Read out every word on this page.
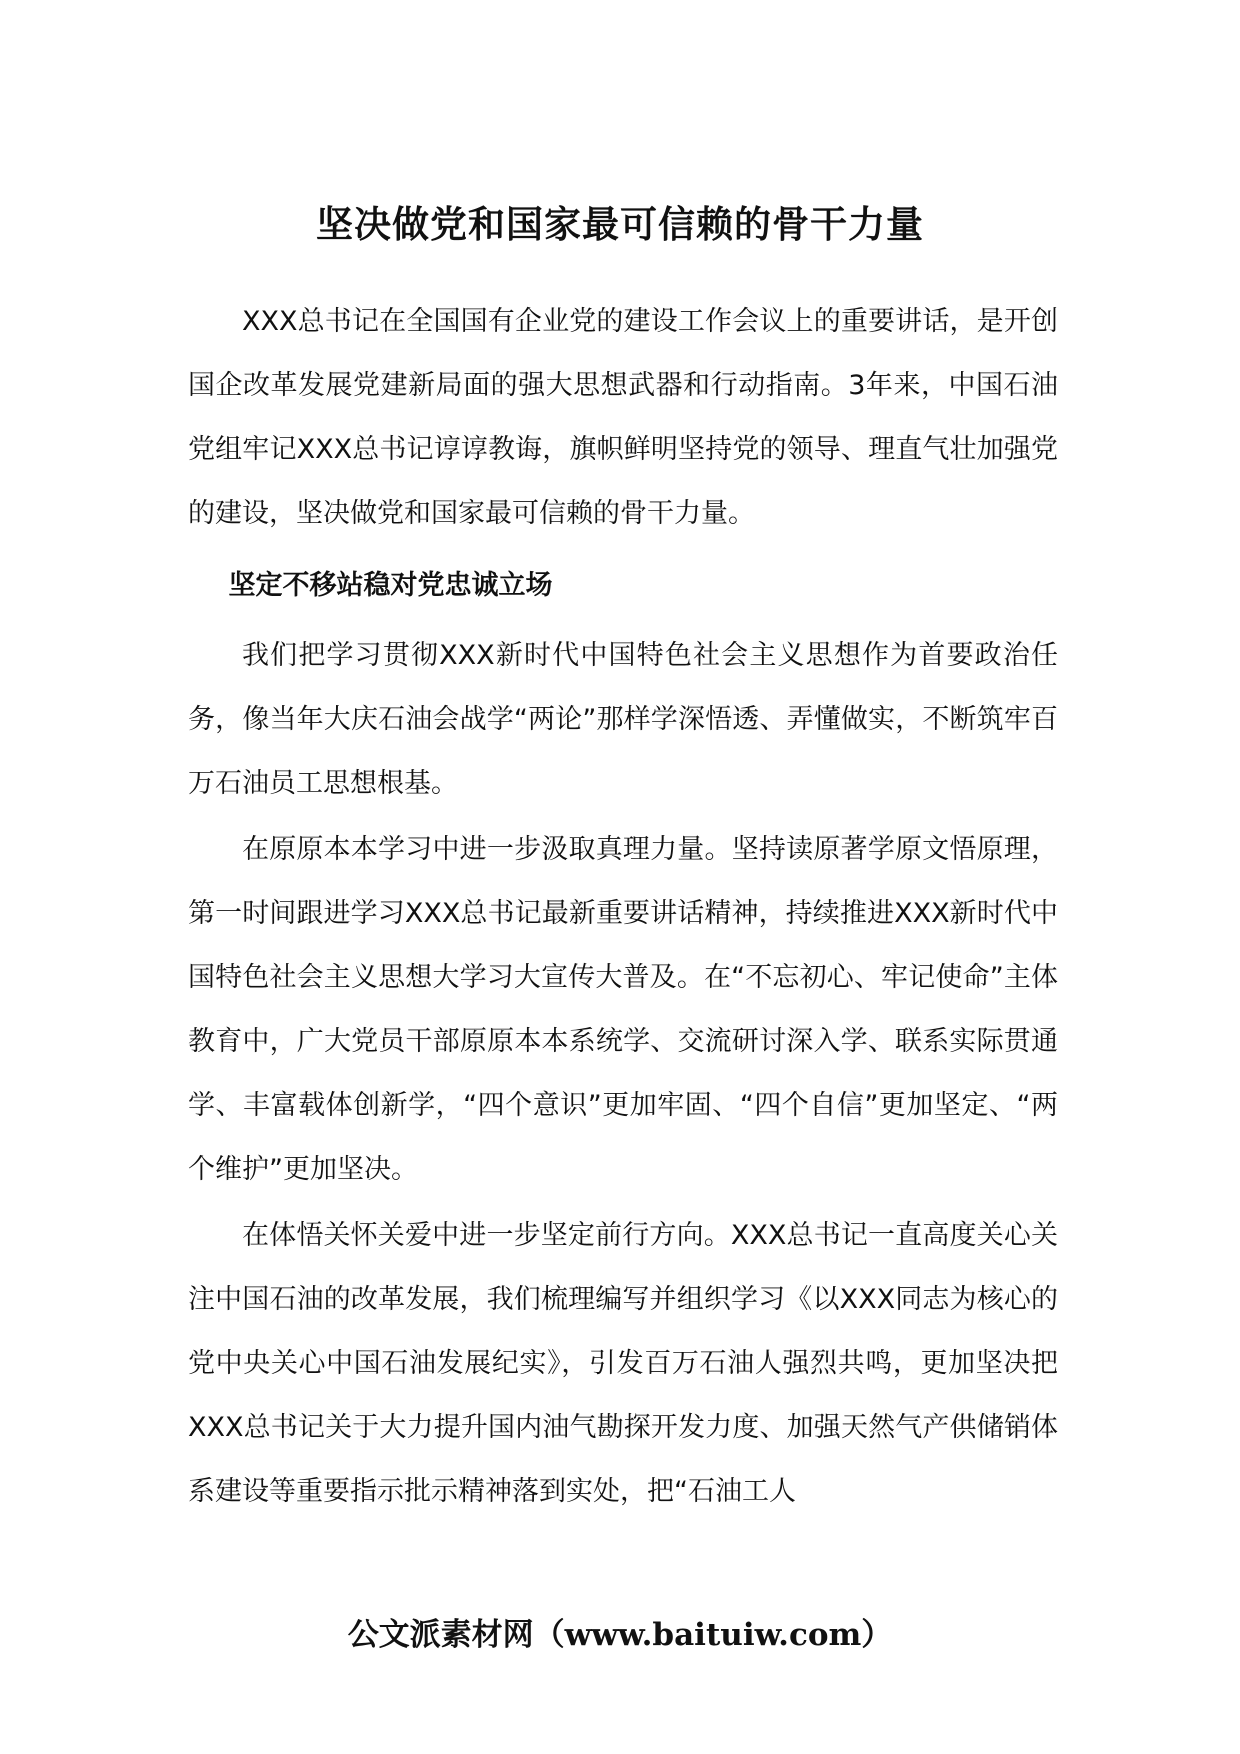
坚决做党和国家最可信赖的骨干力量

XXX总书记在全国国有企业党的建设工作会议上的重要讲话，是开创国企改革发展党建新局面的强大思想武器和行动指南。3年来，中国石油党组牢记XXX总书记谆谆教诲，旗帜鲜明坚持党的领导、理直气壮加强党的建设，坚决做党和国家最可信赖的骨干力量。

坚定不移站稳对党忠诚立场

我们把学习贯彻XXX新时代中国特色社会主义思想作为首要政治任务，像当年大庆石油会战学“两论”那样学深悟透、弄懂做实，不断筑牢百万石油员工思想根基。

在原原本本学习中进一步汲取真理力量。坚持读原著学原文悟原理，第一时间跟进学习XXX总书记最新重要讲话精神，持续推进XXX新时代中国特色社会主义思想大学习大宣传大普及。在“不忘初心、牢记使命”主体教育中，广大党员干部原原本本系统学、交流研讨深入学、联系实际贯通学、丰富载体创新学，“四个意识”更加牢固、“四个自信”更加坚定、“两个维护”更加坚决。

在体悟关怀关爱中进一步坚定前行方向。XXX总书记一直高度关心关注中国石油的改革发展，我们梳理编写并组织学习《以XXX同志为核心的党中央关心中国石油发展纪实》，引发百万石油人强烈共鸣，更加坚决把XXX总书记关于大力提升国内油气勘探开发力度、加强天然气产供储销体系建设等重要指示批示精神落到实处，把“石油工人

公文派素材网（www.baituiw.com）
